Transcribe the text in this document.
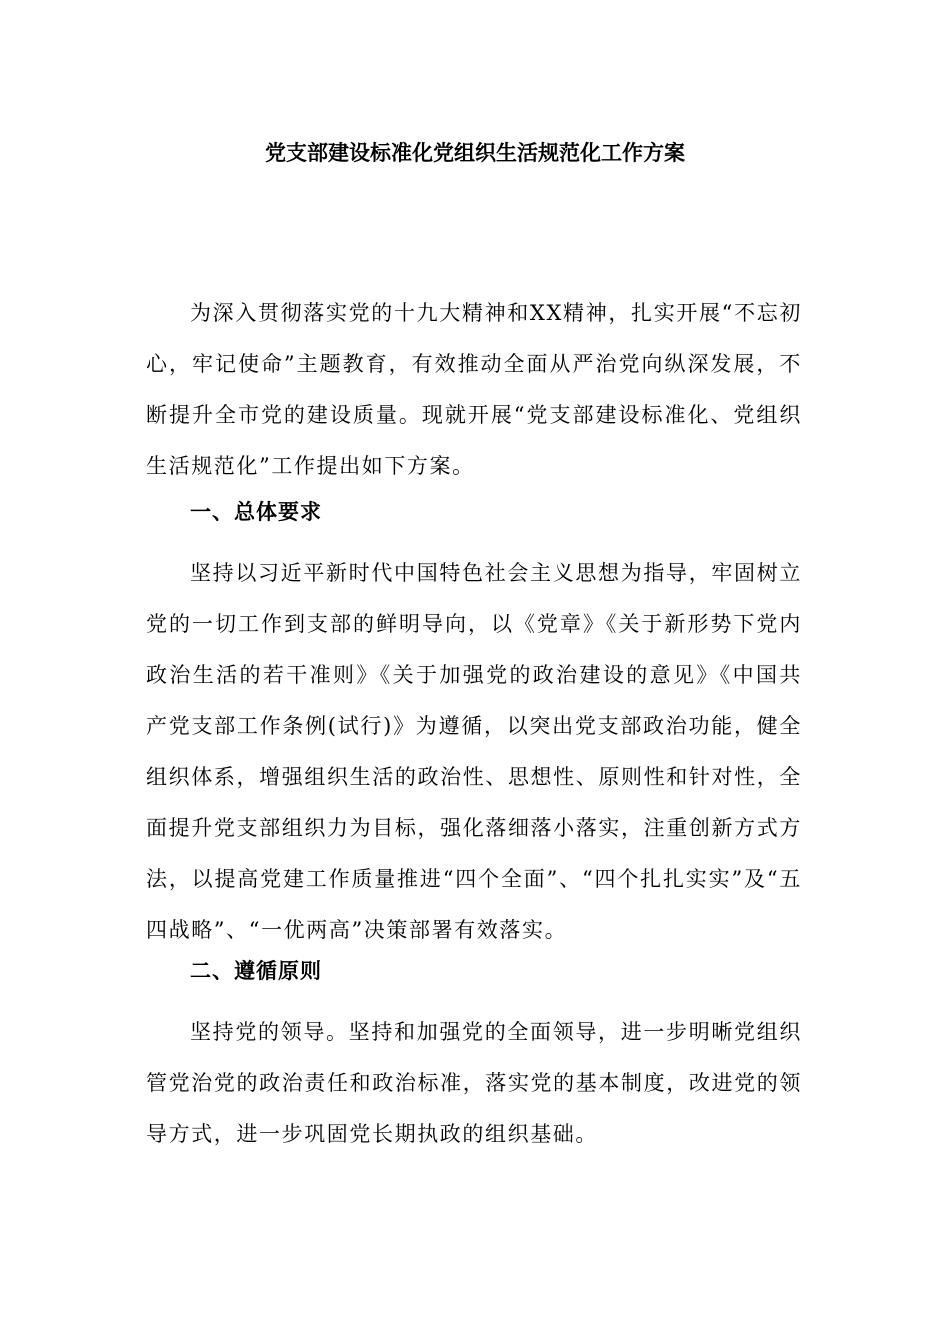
党支部建设标准化党组织生活规范化工作方案

为深入贯彻落实党的十九大精神和XX精神，扎实开展“不忘初心，牢记使命”主题教育，有效推动全面从严治党向纵深发展，不断提升全市党的建设质量。现就开展“党支部建设标准化、党组织生活规范化”工作提出如下方案。

一、总体要求

坚持以习近平新时代中国特色社会主义思想为指导，牢固树立党的一切工作到支部的鲜明导向，以《党章》《关于新形势下党内政治生活的若干准则》《关于加强党的政治建设的意见》《中国共产党支部工作条例(试行)》为遵循，以突出党支部政治功能，健全组织体系，增强组织生活的政治性、思想性、原则性和针对性，全面提升党支部组织力为目标，强化落细落小落实，注重创新方式方法，以提高党建工作质量推进“四个全面”、“四个扎扎实实”及“五四战略”、“一优两高”决策部署有效落实。

二、遵循原则

坚持党的领导。坚持和加强党的全面领导，进一步明晰党组织管党治党的政治责任和政治标准，落实党的基本制度，改进党的领导方式，进一步巩固党长期执政的组织基础。
